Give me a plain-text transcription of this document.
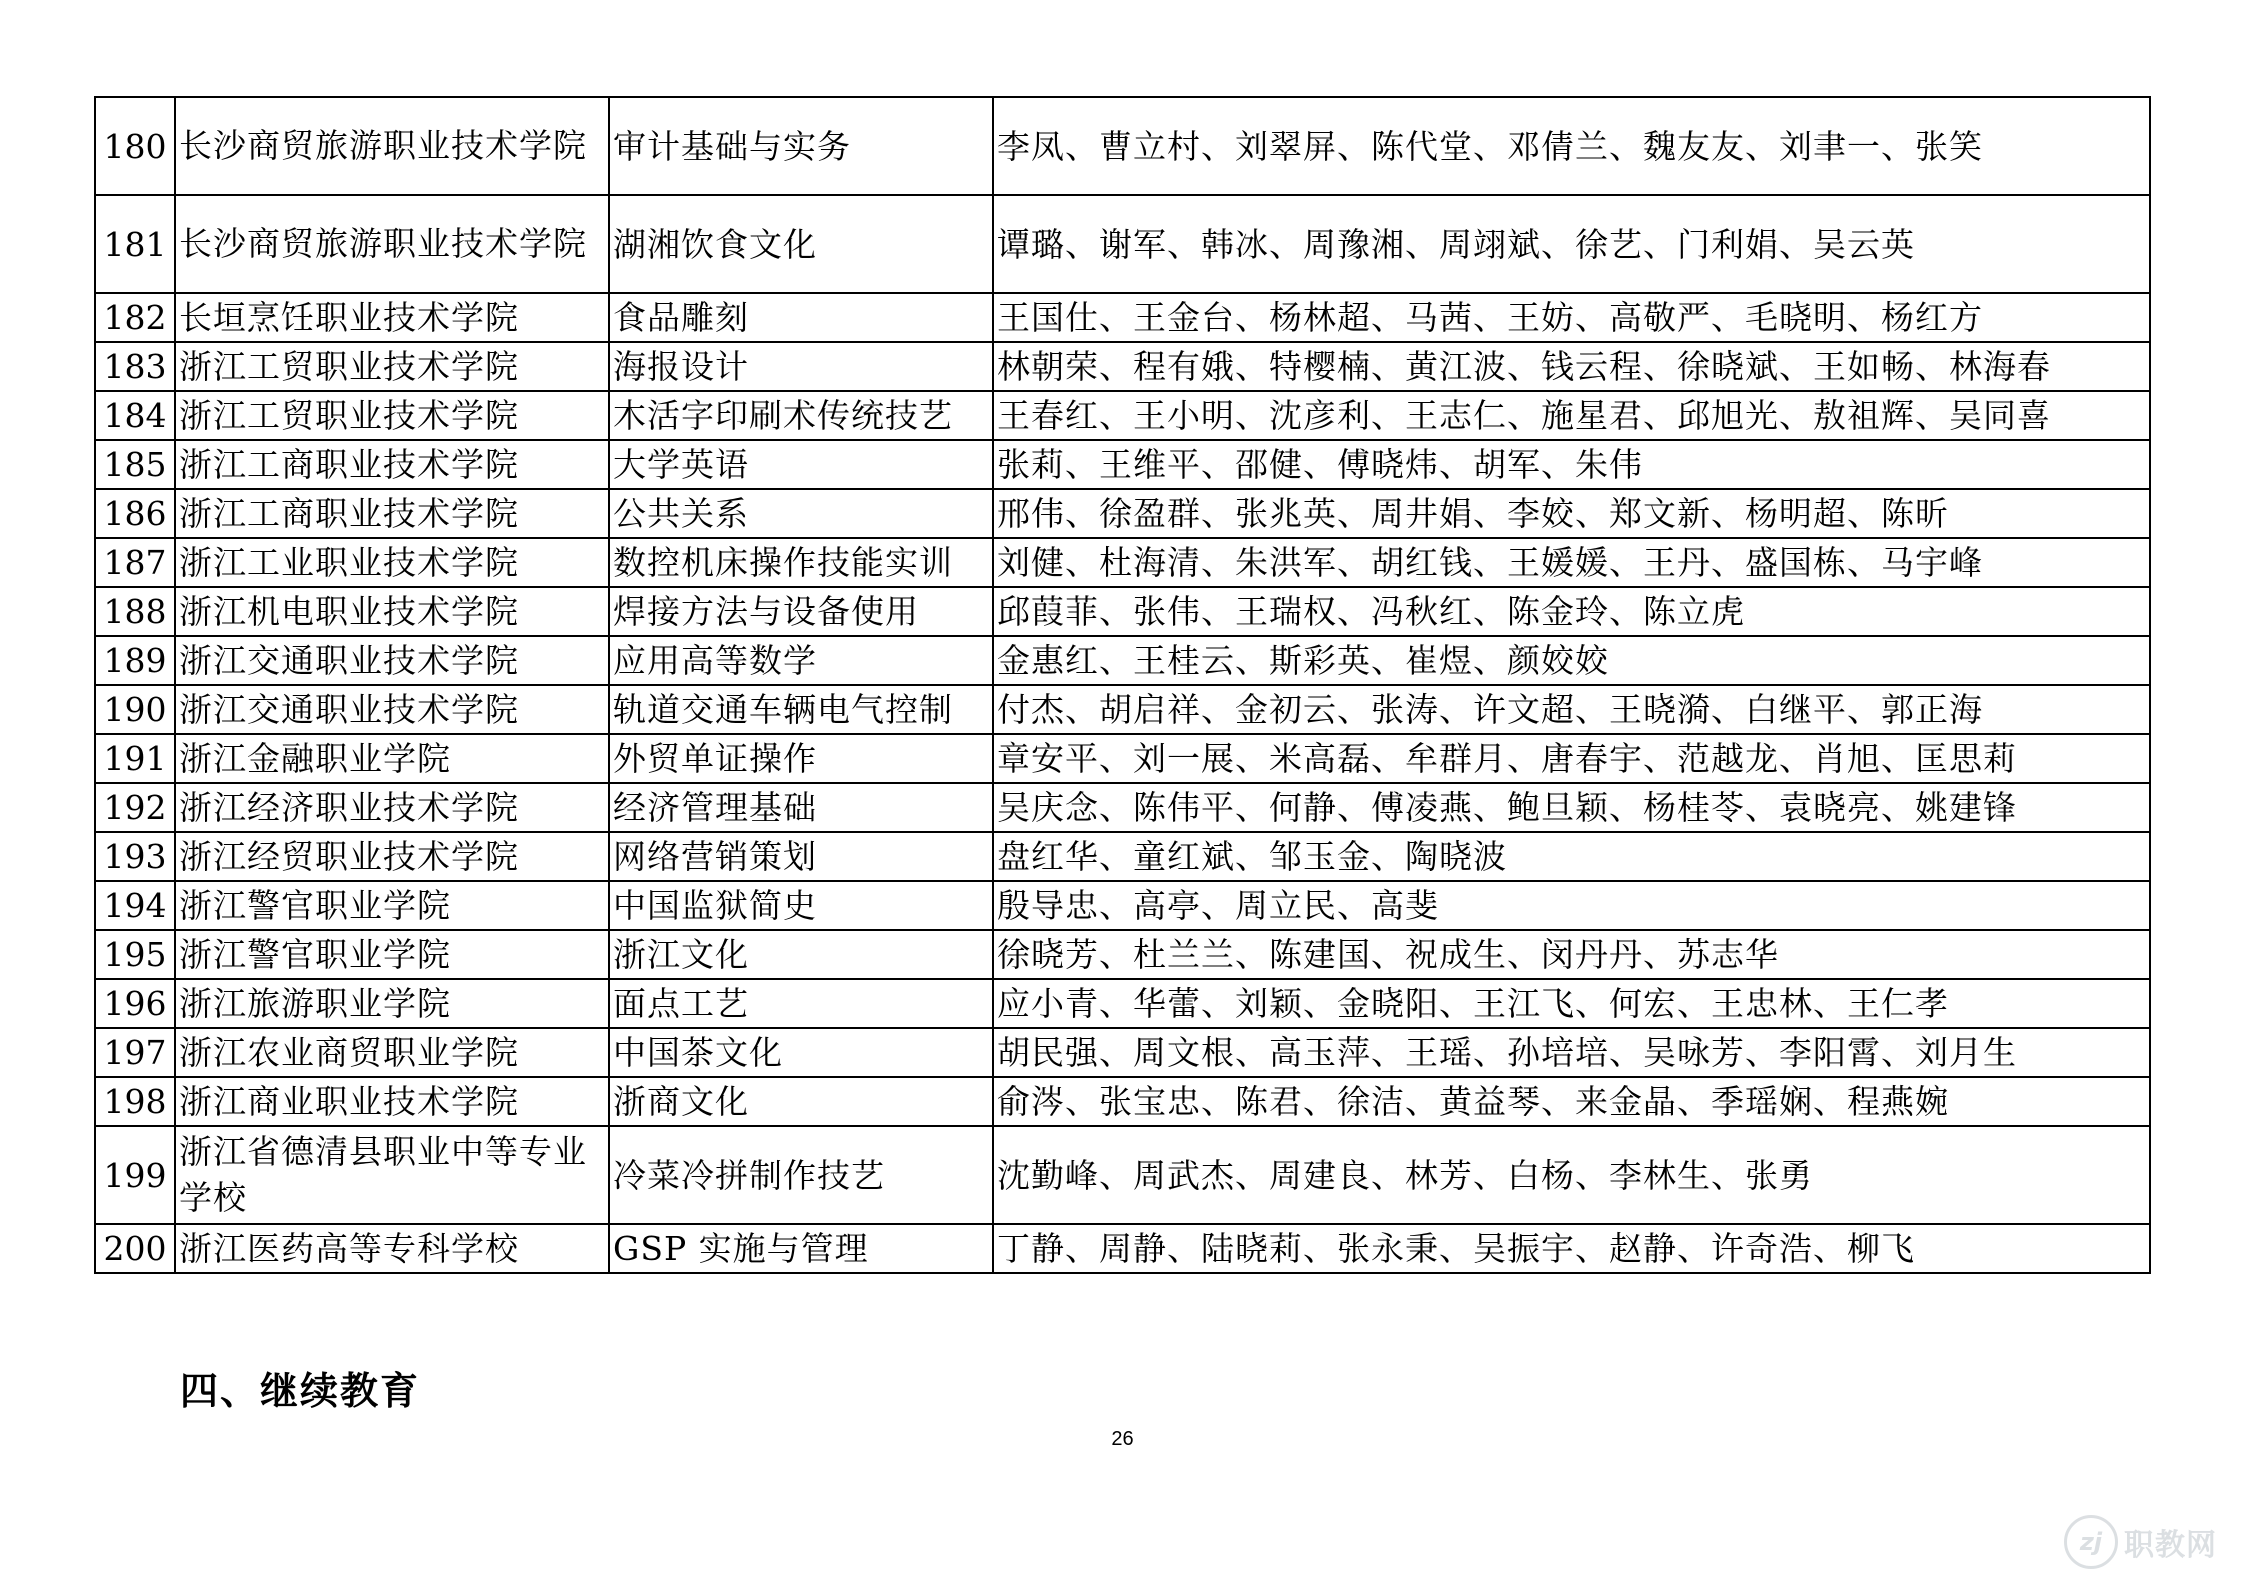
180	长沙商贸旅游职业技术学院	审计基础与实务	李凤、曹立村、刘翠屏、陈代堂、邓倩兰、魏友友、刘聿一、张笑
181	长沙商贸旅游职业技术学院	湖湘饮食文化	谭璐、谢军、韩冰、周豫湘、周翊斌、徐艺、门利娟、吴云英
182	长垣烹饪职业技术学院	食品雕刻	王国仕、王金台、杨林超、马茜、王妨、高敬严、毛晓明、杨红方
183	浙江工贸职业技术学院	海报设计	林朝荣、程有娥、特樱楠、黄江波、钱云程、徐晓斌、王如畅、林海春
184	浙江工贸职业技术学院	木活字印刷术传统技艺	王春红、王小明、沈彦利、王志仁、施星君、邱旭光、敖祖辉、吴同喜
185	浙江工商职业技术学院	大学英语	张莉、王维平、邵健、傅晓炜、胡军、朱伟
186	浙江工商职业技术学院	公共关系	邢伟、徐盈群、张兆英、周井娟、李姣、郑文新、杨明超、陈昕
187	浙江工业职业技术学院	数控机床操作技能实训	刘健、杜海清、朱洪军、胡红钱、王媛媛、王丹、盛国栋、马宇峰
188	浙江机电职业技术学院	焊接方法与设备使用	邱葭菲、张伟、王瑞权、冯秋红、陈金玲、陈立虎
189	浙江交通职业技术学院	应用高等数学	金惠红、王桂云、斯彩英、崔煜、颜姣姣
190	浙江交通职业技术学院	轨道交通车辆电气控制	付杰、胡启祥、金初云、张涛、许文超、王晓漪、白继平、郭正海
191	浙江金融职业学院	外贸单证操作	章安平、刘一展、米高磊、牟群月、唐春宇、范越龙、肖旭、匡思莉
192	浙江经济职业技术学院	经济管理基础	吴庆念、陈伟平、何静、傅凌燕、鲍旦颖、杨桂苓、袁晓亮、姚建锋
193	浙江经贸职业技术学院	网络营销策划	盘红华、童红斌、邹玉金、陶晓波
194	浙江警官职业学院	中国监狱简史	殷导忠、高亭、周立民、高斐
195	浙江警官职业学院	浙江文化	徐晓芳、杜兰兰、陈建国、祝成生、闵丹丹、苏志华
196	浙江旅游职业学院	面点工艺	应小青、华蕾、刘颖、金晓阳、王江飞、何宏、王忠林、王仁孝
197	浙江农业商贸职业学院	中国茶文化	胡民强、周文根、高玉萍、王瑶、孙培培、吴咏芳、李阳霄、刘月生
198	浙江商业职业技术学院	浙商文化	俞涔、张宝忠、陈君、徐洁、黄益琴、来金晶、季瑶娴、程燕婉
199	浙江省德清县职业中等专业学校	冷菜冷拼制作技艺	沈勤峰、周武杰、周建良、林芳、白杨、李林生、张勇
200	浙江医药高等专科学校	GSP 实施与管理	丁静、周静、陆晓莉、张永秉、吴振宇、赵静、许奇浩、柳飞
四、继续教育
26
zj 职教网
